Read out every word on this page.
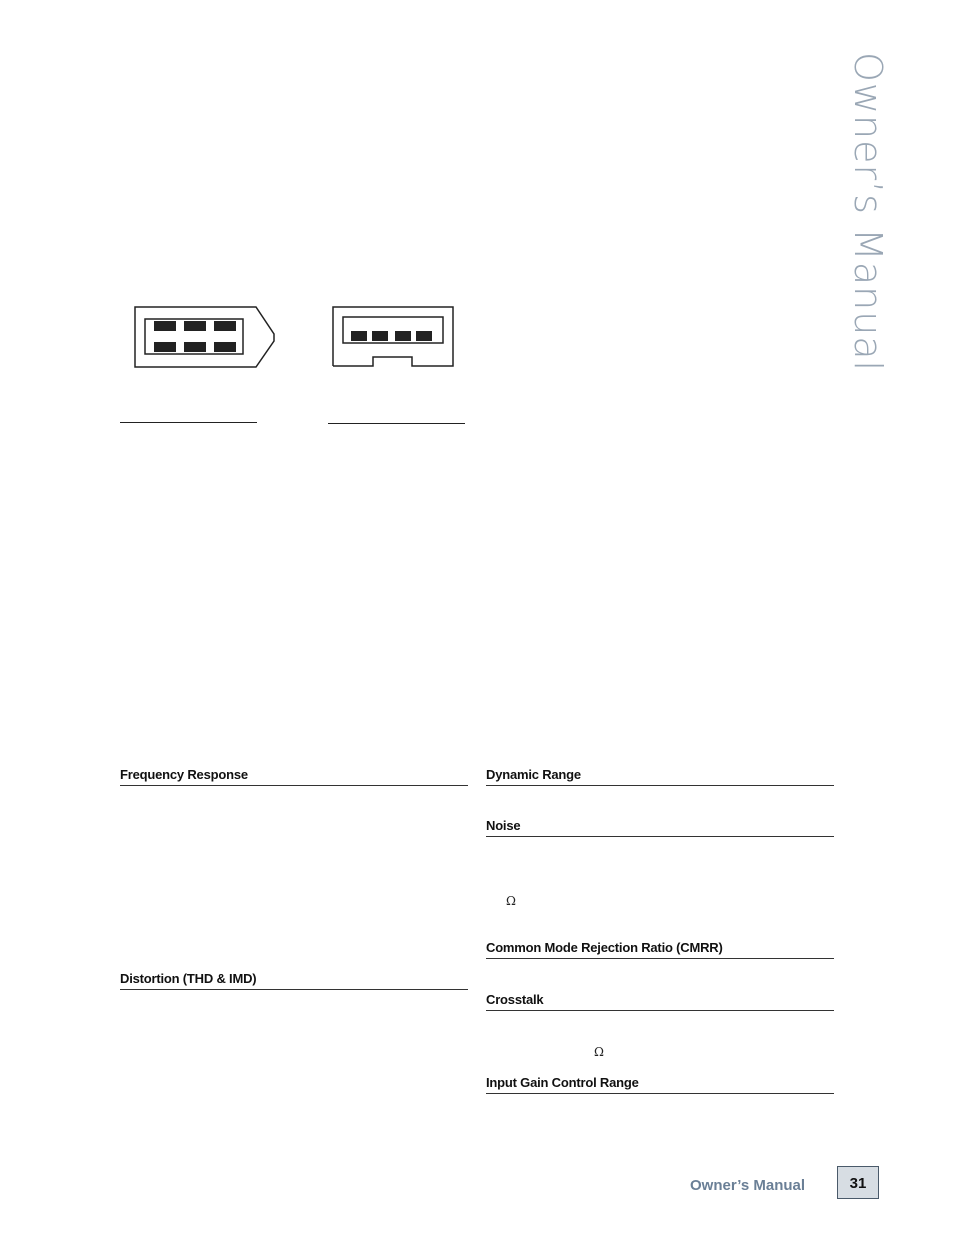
Owner’s Manual
Frequency Response
Distortion (THD & IMD)
Dynamic Range
Noise
Ω
Common Mode Rejection Ratio (CMRR)
Crosstalk
Ω
Input Gain Control Range
Owner’s Manual	31
